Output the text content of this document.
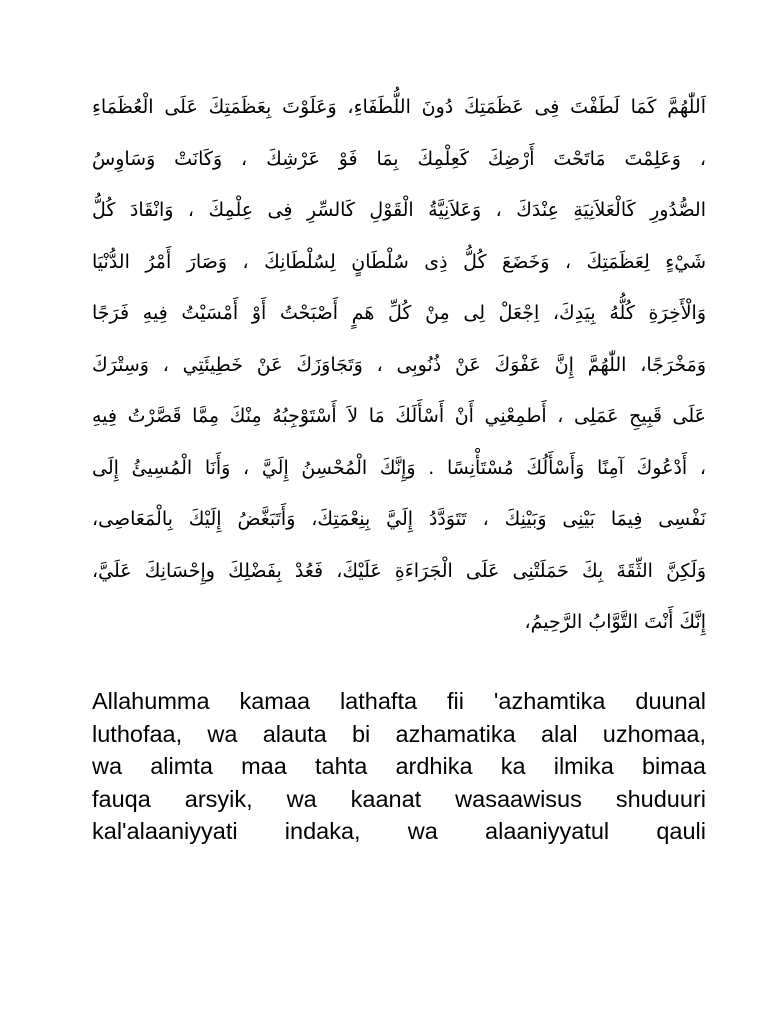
اَللّٰهُمَّ كَمَا لَطَفْتَ فِى عَظَمَتِكَ دُونَ اللُّطَفَاءِ، وَعَلَوْتَ بِعَظَمَتِكَ عَلَى الْعُظَمَاءِ
، وَعَلِمْتَ مَاتَحْتَ أَرْضِكَ كَعِلْمِكَ بِمَا فَوْ عَرْشِكَ ، وَكَانَتْ وَسَاوِسُ
الصُّدُورِ كَالْعَلاَنِيَةِ عِنْدَكَ ، وَعَلاَنِيَّةُ الْقَوْلِ كَالسِّرِ فِى عِلْمِكَ ، وَانْقَادَ كُلُّ
شَيْءٍ لِعَظَمَتِكَ ، وَخَضَعَ كُلُّ ذِى سُلْطَانٍ لِسُلْطَانِكَ ، وَصَارَ أَمْرُ الدُّنْيَا
وَالْأَخِرَةِ كُلُّهُ بِيَدِكَ، اِجْعَلْ لِى مِنْ كُلِّ هَمٍ أَصْبَحْتُ أَوْ أَمْسَيْتُ فِيهِ فَرَجًا
وَمَخْرَجًا، اللّٰهُمَّ إِنَّ عَفْوَكَ عَنْ ذُنُوبِى ، وَتَجَاوَزَكَ عَنْ خَطِيئَتِي ، وَسِتْرَكَ
عَلَى قَبِيحِ عَمَلِى ، أَطمِعْنِي أَنْ أَسْأَلَكَ مَا لاَ أَسْتَوْجِبُهُ مِنْكَ مِمَّا قَصَّرْتُ فِيهِ
، أَدْعُوكَ آمِنًا وَأَسْأَلُكَ مُسْتَأْنِسًا . وَإِنَّكَ الْمُحْسِنُ إِلَيَّ ، وَأَنَا الْمُسِيئُ إِلَى
نَفْسِى فِيمَا بَيْنِى وَبَيْنِكَ ، تَتَوَدَّدُ إِلَيَّ بِنِعْمَتِكَ، وَأَتَبَغَّضُ إِلَيْكَ بِالْمَعَاصِى،
وَلَكِنَّ الثِّقَةَ بِكَ حَمَلَتْنِى عَلَى الْجَرَاءَةِ عَلَيْكَ، فَعُدْ بِفَضْلِكَ وإِحْسَانِكَ عَلَيَّ،
إِنَّكَ أَنْتَ التَّوَّابُ الرَّحِيمُ،
Allahumma kamaa lathafta fii 'azhamtika duunal
luthofaa, wa alauta bi azhamatika alal uzhomaa,
wa alimta maa tahta ardhika ka ilmika bimaa
fauqa arsyik, wa kaanat wasaawisus shuduuri
kal'alaaniyyati indaka, wa alaaniyyatul qauli
